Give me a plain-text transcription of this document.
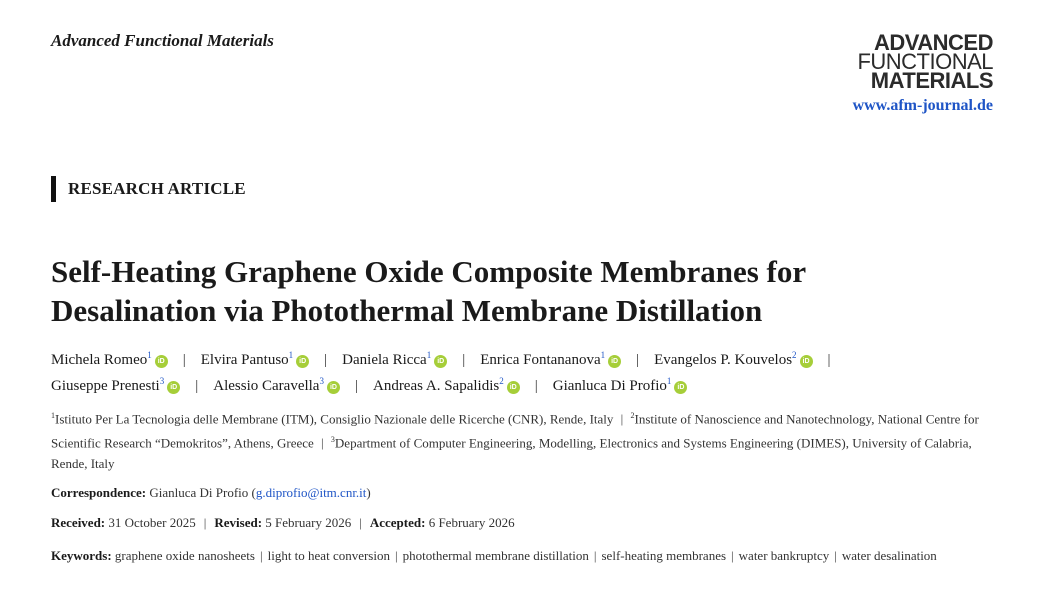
Advanced Functional Materials	ADVANCED
FUNCTIONAL
MATERIALS
www.afm-journal.de
RESEARCH ARTICLE
Self-Heating Graphene Oxide Composite Membranes for
Desalination via Photothermal Membrane Distillation
Michela Romeo$^1$iD | Elvira Pantuso$^1$iD | Daniela Ricca$^1$iD | Enrica Fontananova$^1$iD | Evangelos P. Kouvelos$^2$iD |
Giuseppe Prenesti$^3$iD | Alessio Caravella$^3$iD | Andreas A. Sapalidis$^2$iD | Gianluca Di Profio$^1$iD
$^1$Istituto Per La Tecnologia delle Membrane (ITM), Consiglio Nazionale delle Ricerche (CNR), Rende, Italy | $^2$Institute of Nanoscience and Nanotechnology, National Centre for Scientific Research “Demokritos”, Athens, Greece | $^3$Department of Computer Engineering, Modelling, Electronics and Systems Engineering (DIMES), University of Calabria, Rende, Italy
Correspondence: Gianluca Di Profio (g.diprofio@itm.cnr.it)
Received: 31 October 2025 | Revised: 5 February 2026 | Accepted: 6 February 2026
Keywords: graphene oxide nanosheets | light to heat conversion | photothermal membrane distillation | self-heating membranes | water bankruptcy | water desalination
